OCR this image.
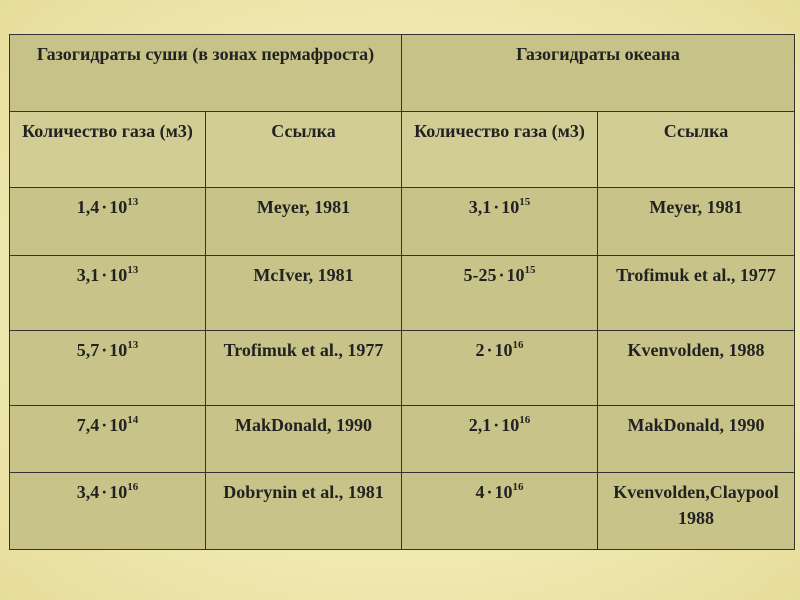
Газогидраты суши (в зонах пермафроста)		Газогидраты океана	
Количество газа (м3)	Ссылка	Количество газа (м3)	Ссылка
$1,4 \cdot 10^{13}$	Meyer, 1981	$3,1 \cdot 10^{15}$	Meyer, 1981
$3,1 \cdot 10^{13}$	McIver, 1981	$5-25 \cdot 10^{15}$	Trofimuk et al., 1977
$5,7 \cdot 10^{13}$	Trofimuk et al., 1977	$2 \cdot 10^{16}$	Kvenvolden, 1988
$7,4 \cdot 10^{14}$	MakDonald, 1990	$2,1 \cdot 10^{16}$	MakDonald, 1990
$3,4 \cdot 10^{16}$	Dobrynin et al., 1981	$4 \cdot 10^{16}$	Kvenvolden,Claypool 1988
